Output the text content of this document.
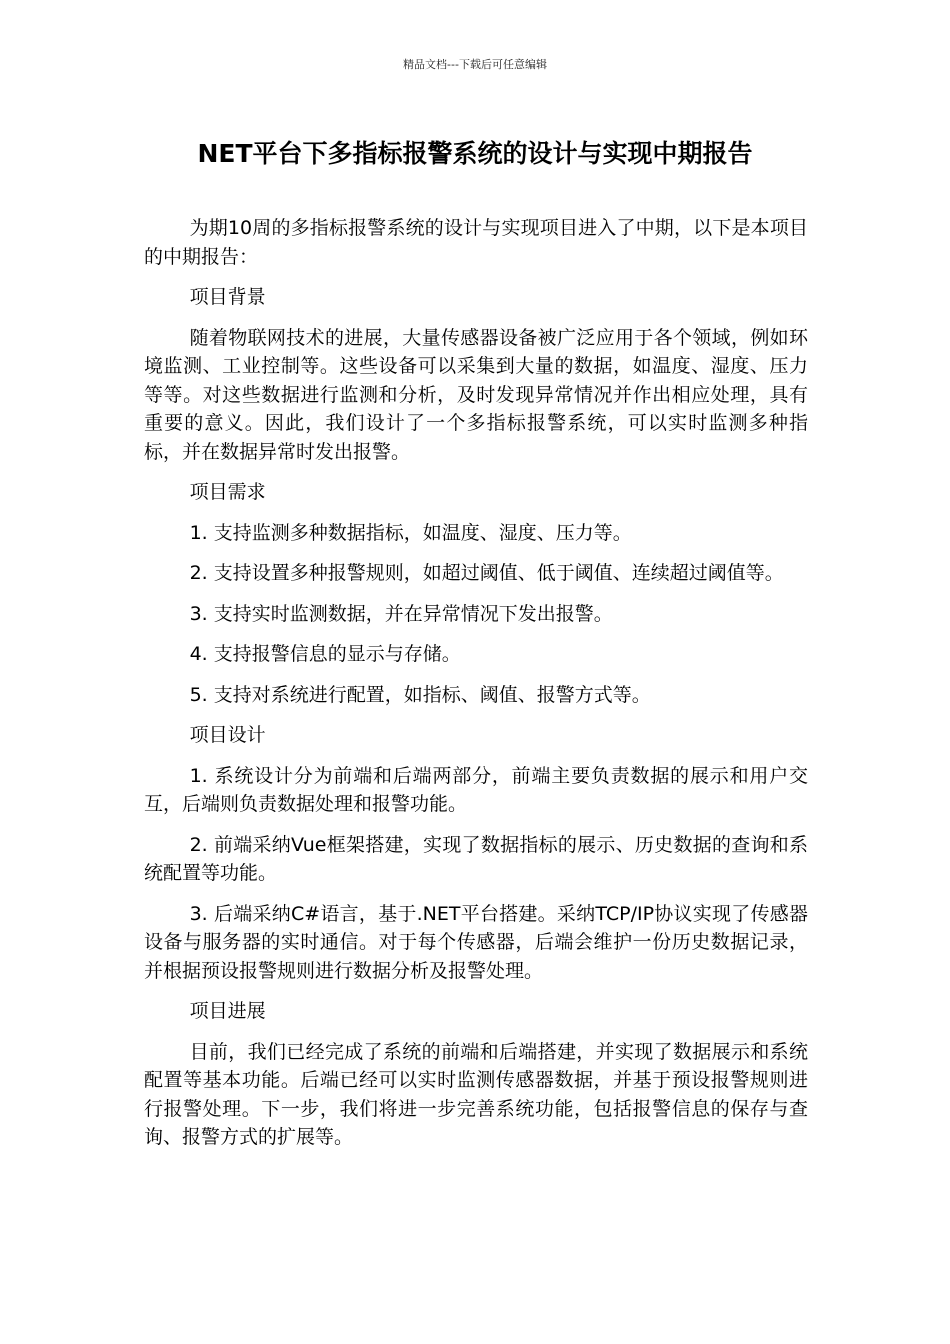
精品文档---下载后可任意编辑
NET平台下多指标报警系统的设计与实现中期报告

为期10周的多指标报警系统的设计与实现项目进入了中期，以下是本项目的中期报告：

项目背景

随着物联网技术的进展，大量传感器设备被广泛应用于各个领域，例如环境监测、工业控制等。这些设备可以采集到大量的数据，如温度、湿度、压力等等。对这些数据进行监测和分析，及时发现异常情况并作出相应处理，具有重要的意义。因此，我们设计了一个多指标报警系统，可以实时监测多种指标，并在数据异常时发出报警。

项目需求

1. 支持监测多种数据指标，如温度、湿度、压力等。

2. 支持设置多种报警规则，如超过阈值、低于阈值、连续超过阈值等。

3. 支持实时监测数据，并在异常情况下发出报警。

4. 支持报警信息的显示与存储。

5. 支持对系统进行配置，如指标、阈值、报警方式等。

项目设计

1. 系统设计分为前端和后端两部分，前端主要负责数据的展示和用户交互，后端则负责数据处理和报警功能。

2. 前端采纳Vue框架搭建，实现了数据指标的展示、历史数据的查询和系统配置等功能。

3. 后端采纳C#语言，基于.NET平台搭建。采纳TCP/IP协议实现了传感器设备与服务器的实时通信。对于每个传感器，后端会维护一份历史数据记录，并根据预设报警规则进行数据分析及报警处理。

项目进展

目前，我们已经完成了系统的前端和后端搭建，并实现了数据展示和系统配置等基本功能。后端已经可以实时监测传感器数据，并基于预设报警规则进行报警处理。下一步，我们将进一步完善系统功能，包括报警信息的保存与查询、报警方式的扩展等。
